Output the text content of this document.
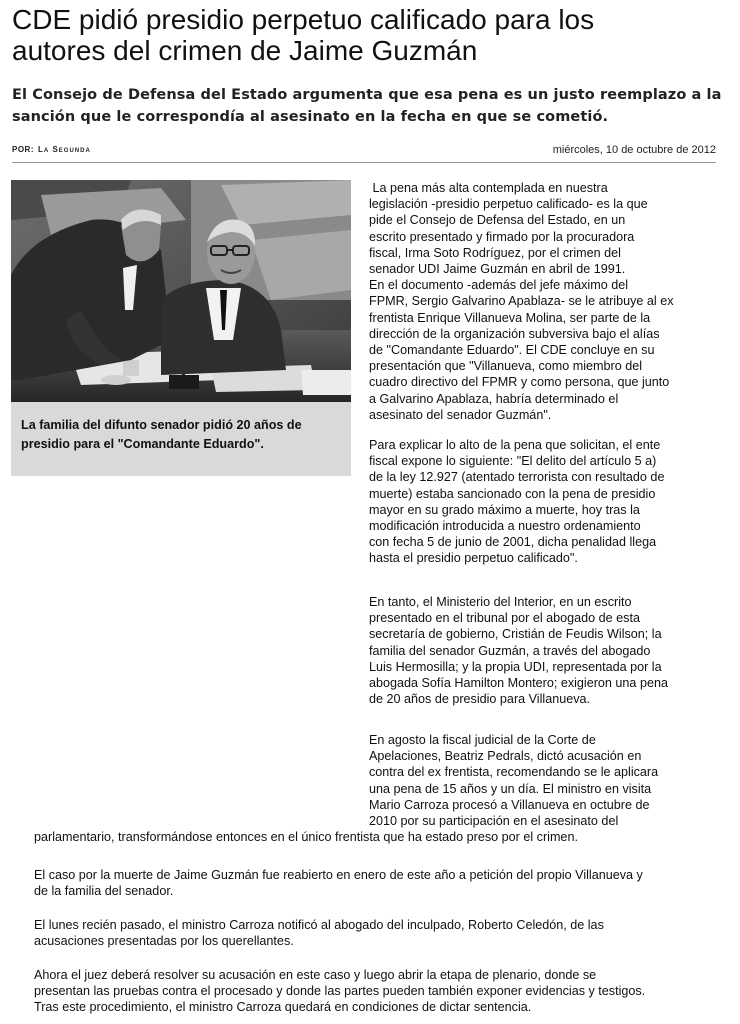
CDE pidió presidio perpetuo calificado para los
autores del crimen de Jaime Guzmán

El Consejo de Defensa del Estado argumenta que esa pena es un justo reemplazo a la
sanción que le correspondía al asesinato en la fecha en que se cometió.

POR: La Segunda	miércoles, 10 de octubre de 2012

La familia del difunto senador pidió 20 años de
presidio para el "Comandante Eduardo".

La pena más alta contemplada en nuestra
legislación -presidio perpetuo calificado- es la que
pide el Consejo de Defensa del Estado, en un
escrito presentado y firmado por la procuradora
fiscal, Irma Soto Rodríguez, por el crimen del
senador UDI Jaime Guzmán en abril de 1991.
En el documento -además del jefe máximo del
FPMR, Sergio Galvarino Apablaza- se le atribuye al ex
frentista Enrique Villanueva Molina, ser parte de la
dirección de la organización subversiva bajo el alías
de "Comandante Eduardo". El CDE concluye en su
presentación que "Villanueva, como miembro del
cuadro directivo del FPMR y como persona, que junto
a Galvarino Apablaza, habría determinado el
asesinato del senador Guzmán".

Para explicar lo alto de la pena que solicitan, el ente
fiscal expone lo siguiente: "El delito del artículo 5 a)
de la ley 12.927 (atentado terrorista con resultado de
muerte) estaba sancionado con la pena de presidio
mayor en su grado máximo a muerte, hoy tras la
modificación introducida a nuestro ordenamiento
con fecha 5 de junio de 2001, dicha penalidad llega
hasta el presidio perpetuo calificado".

En tanto, el Ministerio del Interior, en un escrito
presentado en el tribunal por el abogado de esta
secretaría de gobierno, Cristián de Feudis Wilson; la
familia del senador Guzmán, a través del abogado
Luis Hermosilla; y la propia UDI, representada por la
abogada Sofía Hamilton Montero; exigieron una pena
de 20 años de presidio para Villanueva.

En agosto la fiscal judicial de la Corte de
Apelaciones, Beatriz Pedrals, dictó acusación en
contra del ex frentista, recomendando se le aplicara
una pena de 15 años y un día. El ministro en visita
Mario Carroza procesó a Villanueva en octubre de
2010 por su participación en el asesinato del

parlamentario, transformándose entonces en el único frentista que ha estado preso por el crimen.

El caso por la muerte de Jaime Guzmán fue reabierto en enero de este año a petición del propio Villanueva y
de la familia del senador.

El lunes recién pasado, el ministro Carroza notificó al abogado del inculpado, Roberto Celedón, de las
acusaciones presentadas por los querellantes.

Ahora el juez deberá resolver su acusación en este caso y luego abrir la etapa de plenario, donde se
presentan las pruebas contra el procesado y donde las partes pueden también exponer evidencias y testigos.
Tras este procedimiento, el ministro Carroza quedará en condiciones de dictar sentencia.
